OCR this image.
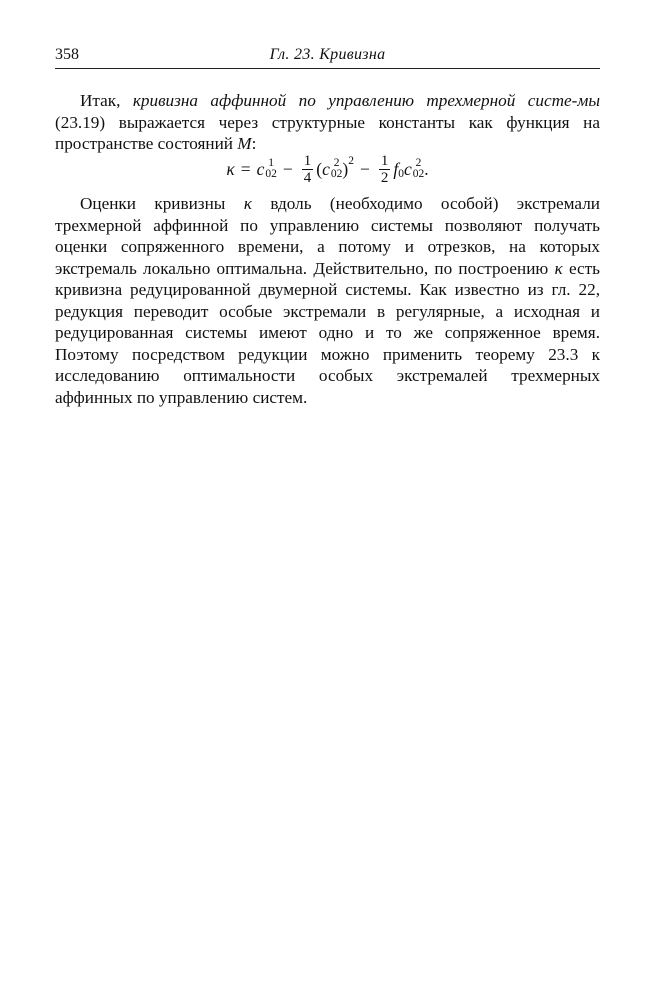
358	Гл. 23. Кривизна
Итак, кривизна аффинной по управлению трехмерной систе-мы (23.19) выражается через структурные константы как функция на пространстве состояний M:
κ = c 1
$02 - \frac{1}{4}$ ( c 2
02 ) $2 - \frac{1}{2}$ f 0 c 2
02 .
Оценки кривизны κ вдоль (необходимо особой) экстремали трехмерной аффинной по управлению системы позволяют получать оценки сопряженного времени, а потому и отрезков, на которых экстремаль локально оптимальна. Действительно, по построению κ есть кривизна редуцированной двумерной системы. Как известно из гл. 22, редукция переводит особые экстремали в регулярные, а исходная и редуцированная системы имеют одно и то же сопряженное время. Поэтому посредством редукции можно применить теорему 23.3 к исследованию оптимальности особых экстремалей трехмерных аффинных по управлению систем.
